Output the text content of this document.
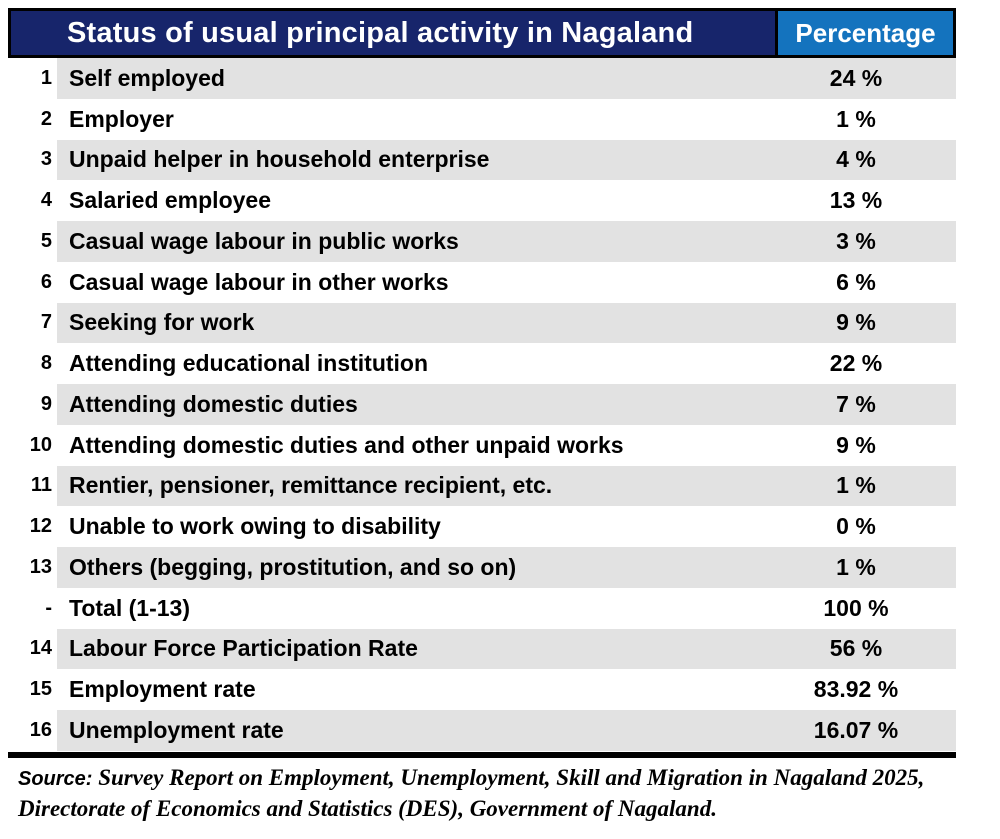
Status of usual principal activity in Nagaland	Percentage
1 Self employed	24 %
2 Employer	1 %
3 Unpaid helper in household enterprise	4 %
4 Salaried employee	13 %
5 Casual wage labour in public works	3 %
6 Casual wage labour in other works	6 %
7 Seeking for work	9 %
8 Attending educational institution	22 %
9 Attending domestic duties	7 %
10 Attending domestic duties and other unpaid works	9 %
11 Rentier, pensioner, remittance recipient, etc.	1 %
12 Unable to work owing to disability	0 %
13 Others (begging, prostitution, and so on)	1 %
- Total (1-13)	100 %
14 Labour Force Participation Rate	56 %
15 Employment rate	83.92 %
16 Unemployment rate	16.07 %
Source: Survey Report on Employment, Unemployment, Skill and Migration in Nagaland 2025,
Directorate of Economics and Statistics (DES), Government of Nagaland.
